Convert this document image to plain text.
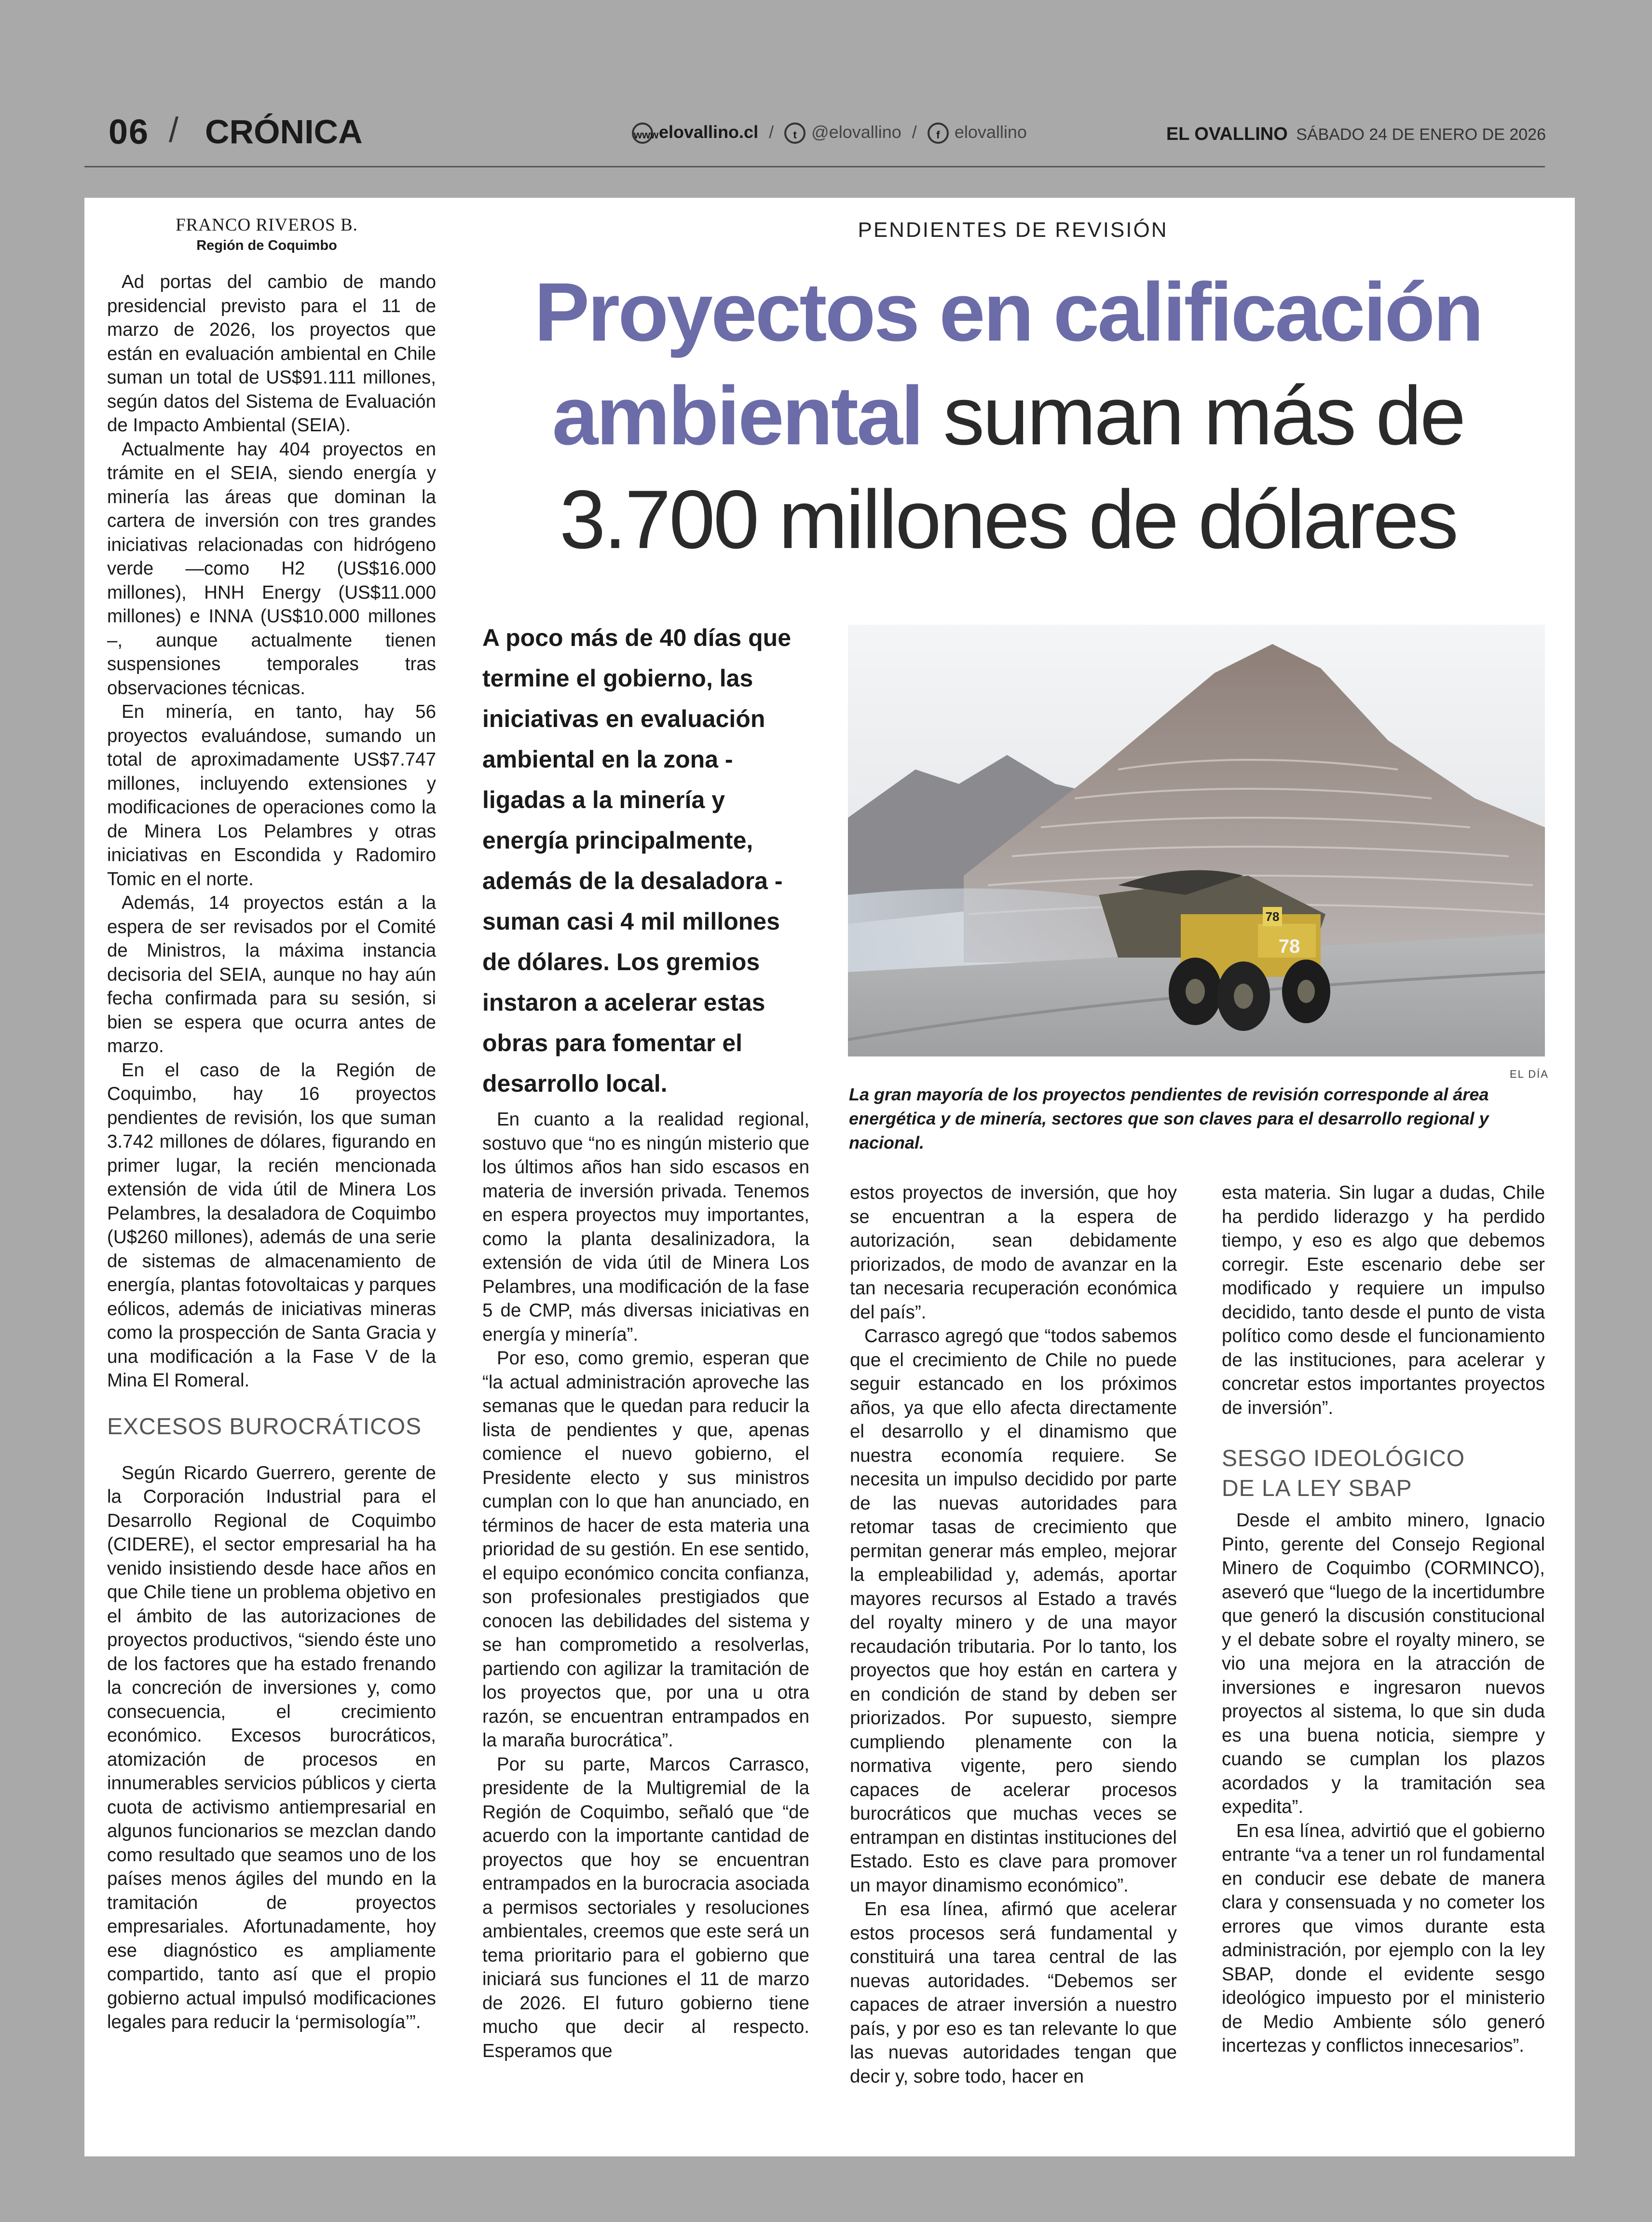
06 / CRÓNICA	wwwelovallino.cl / t @elovallino / f elovallino	EL OVALLINO SÁBADO 24 DE ENERO DE 2026
FRANCO RIVEROS B.
Región de Coquimbo
PENDIENTES DE REVISIÓN
Proyectos en calificación ambiental suman más de
3.700 millones de dólares
A poco más de 40 días que termine el gobierno, las iniciativas en evaluación ambiental en la zona - ligadas a la minería y energía principalmente, además de la desaladora - suman casi 4 mil millones de dólares. Los gremios instaron a acelerar estas obras para fomentar el desarrollo local.
78
78
EL DÍA
La gran mayoría de los proyectos pendientes de revisión corresponde al área energética y de minería, sectores que son claves para el desarrollo regional y nacional.

Ad portas del cambio de mando presidencial previsto para el 11 de marzo de 2026, los proyectos que están en evaluación ambiental en Chile suman un total de US$91.111 millones, según datos del Sistema de Evaluación de Impacto Ambiental (SEIA).

Actualmente hay 404 proyectos en trámite en el SEIA, siendo energía y minería las áreas que dominan la cartera de inversión con tres grandes iniciativas relacionadas con hidrógeno verde —como H2 (US$16.000 millones), HNH Energy (US$11.000 millones) e INNA (US$10.000 millones –, aunque actualmente tienen suspensiones temporales tras observaciones técnicas.

En minería, en tanto, hay 56 proyectos evaluándose, sumando un total de aproximadamente US$7.747 millones, incluyendo extensiones y modificaciones de operaciones como la de Minera Los Pelambres y otras iniciativas en Escondida y Radomiro Tomic en el norte.

Además, 14 proyectos están a la espera de ser revisados por el Comité de Ministros, la máxima instancia decisoria del SEIA, aunque no hay aún fecha confirmada para su sesión, si bien se espera que ocurra antes de marzo.

En el caso de la Región de Coquimbo, hay 16 proyectos pendientes de revisión, los que suman 3.742 millones de dólares, figurando en primer lugar, la recién mencionada extensión de vida útil de Minera Los Pelambres, la desaladora de Coquimbo (U$260 millones), además de una serie de sistemas de almacenamiento de energía, plantas fotovoltaicas y parques eólicos, además de iniciativas mineras como la prospección de Santa Gracia y una modificación a la Fase V de la Mina El Romeral.

EXCESOS BUROCRÁTICOS

Según Ricardo Guerrero, gerente de la Corporación Industrial para el Desarrollo Regional de Coquimbo (CIDERE), el sector empresarial ha ha venido insistiendo desde hace años en que Chile tiene un problema objetivo en el ámbito de las autorizaciones de proyectos productivos, “siendo éste uno de los factores que ha estado frenando la concreción de inversiones y, como consecuencia, el crecimiento económico. Excesos burocráticos, atomización de procesos en innumerables servicios públicos y cierta cuota de activismo antiempresarial en algunos funcionarios se mezclan dando como resultado que seamos uno de los países menos ágiles del mundo en la tramitación de proyectos empresariales. Afortunadamente, hoy ese diagnóstico es ampliamente compartido, tanto así que el propio gobierno actual impulsó modificaciones legales para reducir la ‘permisología’”.

En cuanto a la realidad regional, sostuvo que “no es ningún misterio que los últimos años han sido escasos en materia de inversión privada. Tenemos en espera proyectos muy importantes, como la planta desalinizadora, la extensión de vida útil de Minera Los Pelambres, una modificación de la fase 5 de CMP, más diversas iniciativas en energía y minería”.

Por eso, como gremio, esperan que “la actual administración aproveche las semanas que le quedan para reducir la lista de pendientes y que, apenas comience el nuevo gobierno, el Presidente electo y sus ministros cumplan con lo que han anunciado, en términos de hacer de esta materia una prioridad de su gestión. En ese sentido, el equipo económico concita confianza, son profesionales prestigiados que conocen las debilidades del sistema y se han comprometido a resolverlas, partiendo con agilizar la tramitación de los proyectos que, por una u otra razón, se encuentran entrampados en la maraña burocrática”.

Por su parte, Marcos Carrasco, presidente de la Multigremial de la Región de Coquimbo, señaló que “de acuerdo con la importante cantidad de proyectos que hoy se encuentran entrampados en la burocracia asociada a permisos sectoriales y resoluciones ambientales, creemos que este será un tema prioritario para el gobierno que iniciará sus funciones el 11 de marzo de 2026. El futuro gobierno tiene mucho que decir al respecto. Esperamos que

estos proyectos de inversión, que hoy se encuentran a la espera de autorización, sean debidamente priorizados, de modo de avanzar en la tan necesaria recuperación económica del país”.

Carrasco agregó que “todos sabemos que el crecimiento de Chile no puede seguir estancado en los próximos años, ya que ello afecta directamente el desarrollo y el dinamismo que nuestra economía requiere. Se necesita un impulso decidido por parte de las nuevas autoridades para retomar tasas de crecimiento que permitan generar más empleo, mejorar la empleabilidad y, además, aportar mayores recursos al Estado a través del royalty minero y de una mayor recaudación tributaria. Por lo tanto, los proyectos que hoy están en cartera y en condición de stand by deben ser priorizados. Por supuesto, siempre cumpliendo plenamente con la normativa vigente, pero siendo capaces de acelerar procesos burocráticos que muchas veces se entrampan en distintas instituciones del Estado. Esto es clave para promover un mayor dinamismo económico”.

En esa línea, afirmó que acelerar estos procesos será fundamental y constituirá una tarea central de las nuevas autoridades. “Debemos ser capaces de atraer inversión a nuestro país, y por eso es tan relevante lo que las nuevas autoridades tengan que decir y, sobre todo, hacer en

esta materia. Sin lugar a dudas, Chile ha perdido liderazgo y ha perdido tiempo, y eso es algo que debemos corregir. Este escenario debe ser modificado y requiere un impulso decidido, tanto desde el punto de vista político como desde el funcionamiento de las instituciones, para acelerar y concretar estos importantes proyectos de inversión”.

SESGO IDEOLÓGICO

DE LA LEY SBAP

Desde el ambito minero, Ignacio Pinto, gerente del Consejo Regional Minero de Coquimbo (CORMINCO), aseveró que “luego de la incertidumbre que generó la discusión constitucional y el debate sobre el royalty minero, se vio una mejora en la atracción de inversiones e ingresaron nuevos proyectos al sistema, lo que sin duda es una buena noticia, siempre y cuando se cumplan los plazos acordados y la tramitación sea expedita”.

En esa línea, advirtió que el gobierno entrante “va a tener un rol fundamental en conducir ese debate de manera clara y consensuada y no cometer los errores que vimos durante esta administración, por ejemplo con la ley SBAP, donde el evidente sesgo ideológico impuesto por el ministerio de Medio Ambiente sólo generó incertezas y conflictos innecesarios”.
